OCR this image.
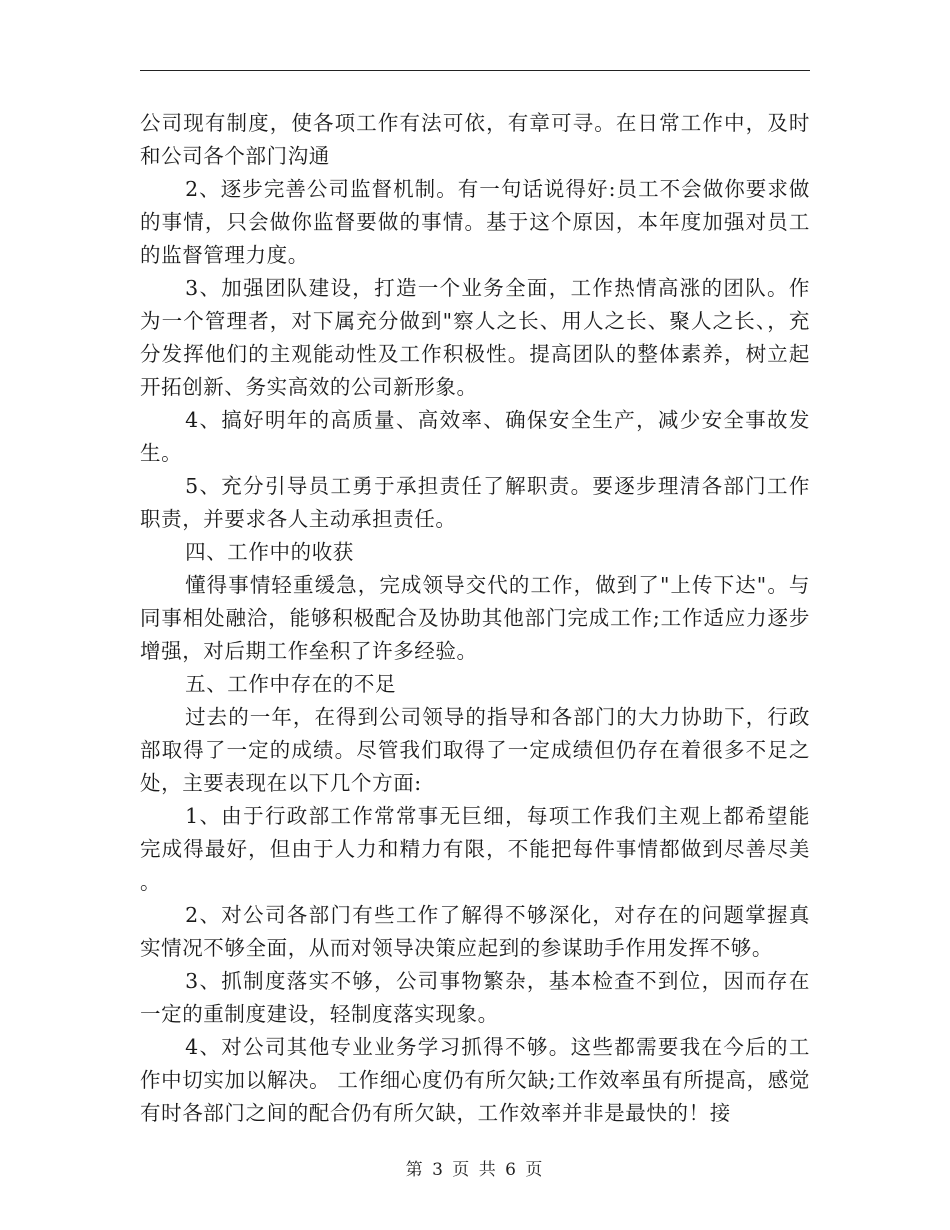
公司现有制度，使各项工作有法可依，有章可寻。在日常工作中，及时和公司各个部门沟通

2、逐步完善公司监督机制。有一句话说得好:员工不会做你要求做的事情，只会做你监督要做的事情。基于这个原因，本年度加强对员工的监督管理力度。

3、加强团队建设，打造一个业务全面，工作热情高涨的团队。作为一个管理者，对下属充分做到"察人之长、用人之长、聚人之长、，充分发挥他们的主观能动性及工作积极性。提高团队的整体素养，树立起开拓创新、务实高效的公司新形象。

4、搞好明年的高质量、高效率、确保安全生产，减少安全事故发生。

5、充分引导员工勇于承担责任了解职责。要逐步理清各部门工作职责，并要求各人主动承担责任。

四、工作中的收获

懂得事情轻重缓急，完成领导交代的工作，做到了"上传下达"。与同事相处融洽，能够积极配合及协助其他部门完成工作;工作适应力逐步增强，对后期工作垒积了许多经验。

五、工作中存在的不足

过去的一年，在得到公司领导的指导和各部门的大力协助下，行政部取得了一定的成绩。尽管我们取得了一定成绩但仍存在着很多不足之处，主要表现在以下几个方面:

1、由于行政部工作常常事无巨细，每项工作我们主观上都希望能完成得最好，但由于人力和精力有限，不能把每件事情都做到尽善尽美。

2、对公司各部门有些工作了解得不够深化，对存在的问题掌握真实情况不够全面，从而对领导决策应起到的参谋助手作用发挥不够。

3、抓制度落实不够，公司事物繁杂，基本检查不到位，因而存在一定的重制度建设，轻制度落实现象。

4、对公司其他专业业务学习抓得不够。这些都需要我在今后的工作中切实加以解决。 工作细心度仍有所欠缺;工作效率虽有所提高，感觉有时各部门之间的配合仍有所欠缺，工作效率并非是最快的！接

第 3 页 共 6 页
